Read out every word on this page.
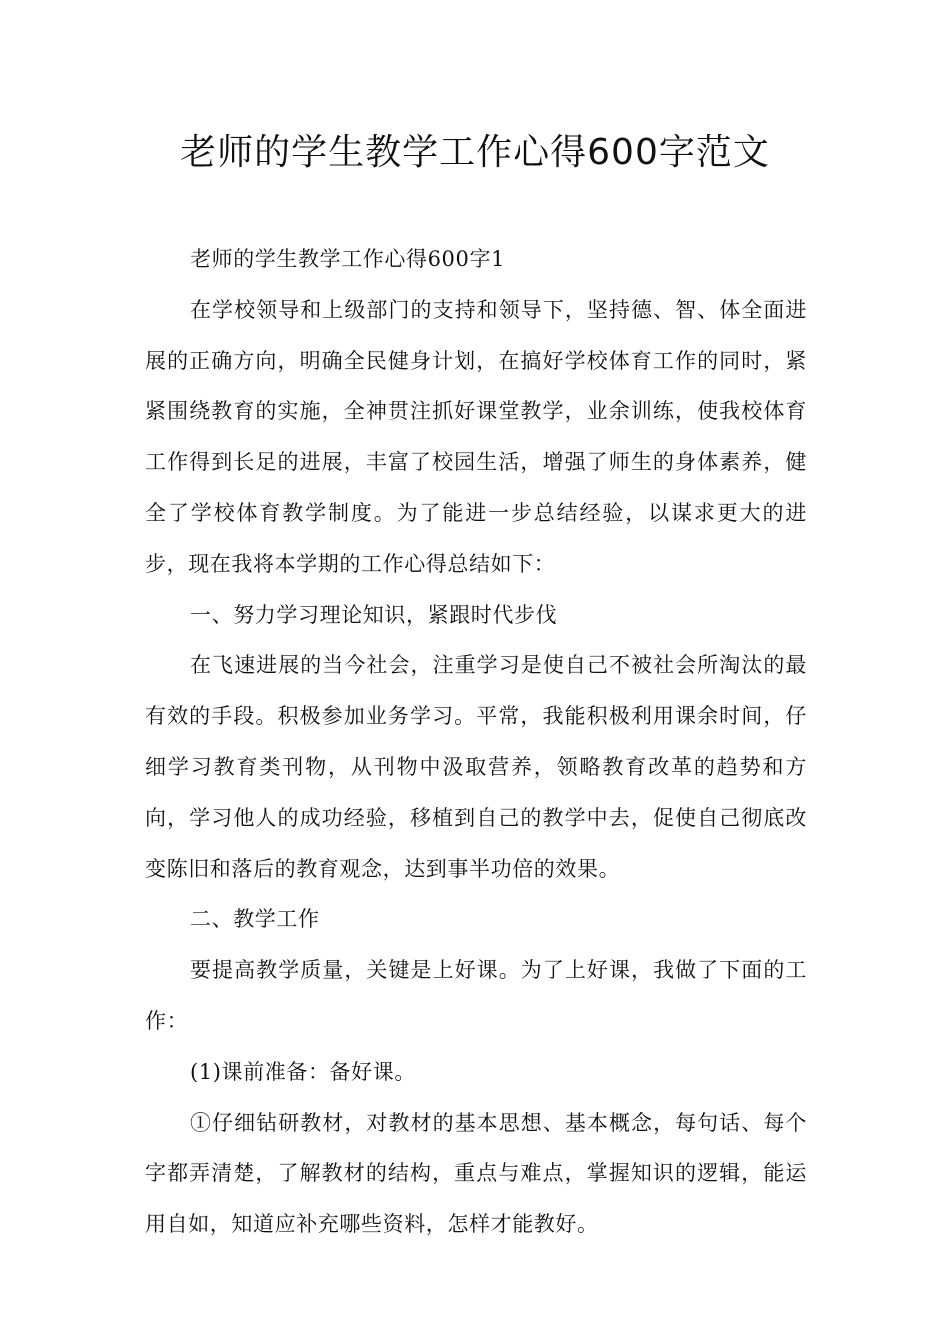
老师的学生教学工作心得600字范文

老师的学生教学工作心得600字1

在学校领导和上级部门的支持和领导下，坚持德、智、体全面进展的正确方向，明确全民健身计划，在搞好学校体育工作的同时，紧紧围绕教育的实施，全神贯注抓好课堂教学，业余训练，使我校体育工作得到长足的进展，丰富了校园生活，增强了师生的身体素养，健全了学校体育教学制度。为了能进一步总结经验，以谋求更大的进步，现在我将本学期的工作心得总结如下：

一、努力学习理论知识，紧跟时代步伐

在飞速进展的当今社会，注重学习是使自己不被社会所淘汰的最有效的手段。积极参加业务学习。平常，我能积极利用课余时间，仔细学习教育类刊物，从刊物中汲取营养，领略教育改革的趋势和方向，学习他人的成功经验，移植到自己的教学中去，促使自己彻底改变陈旧和落后的教育观念，达到事半功倍的效果。

二、教学工作

要提高教学质量，关键是上好课。为了上好课，我做了下面的工作：

(1)课前准备：备好课。

①仔细钻研教材，对教材的基本思想、基本概念，每句话、每个字都弄清楚，了解教材的结构，重点与难点，掌握知识的逻辑，能运用自如，知道应补充哪些资料，怎样才能教好。
